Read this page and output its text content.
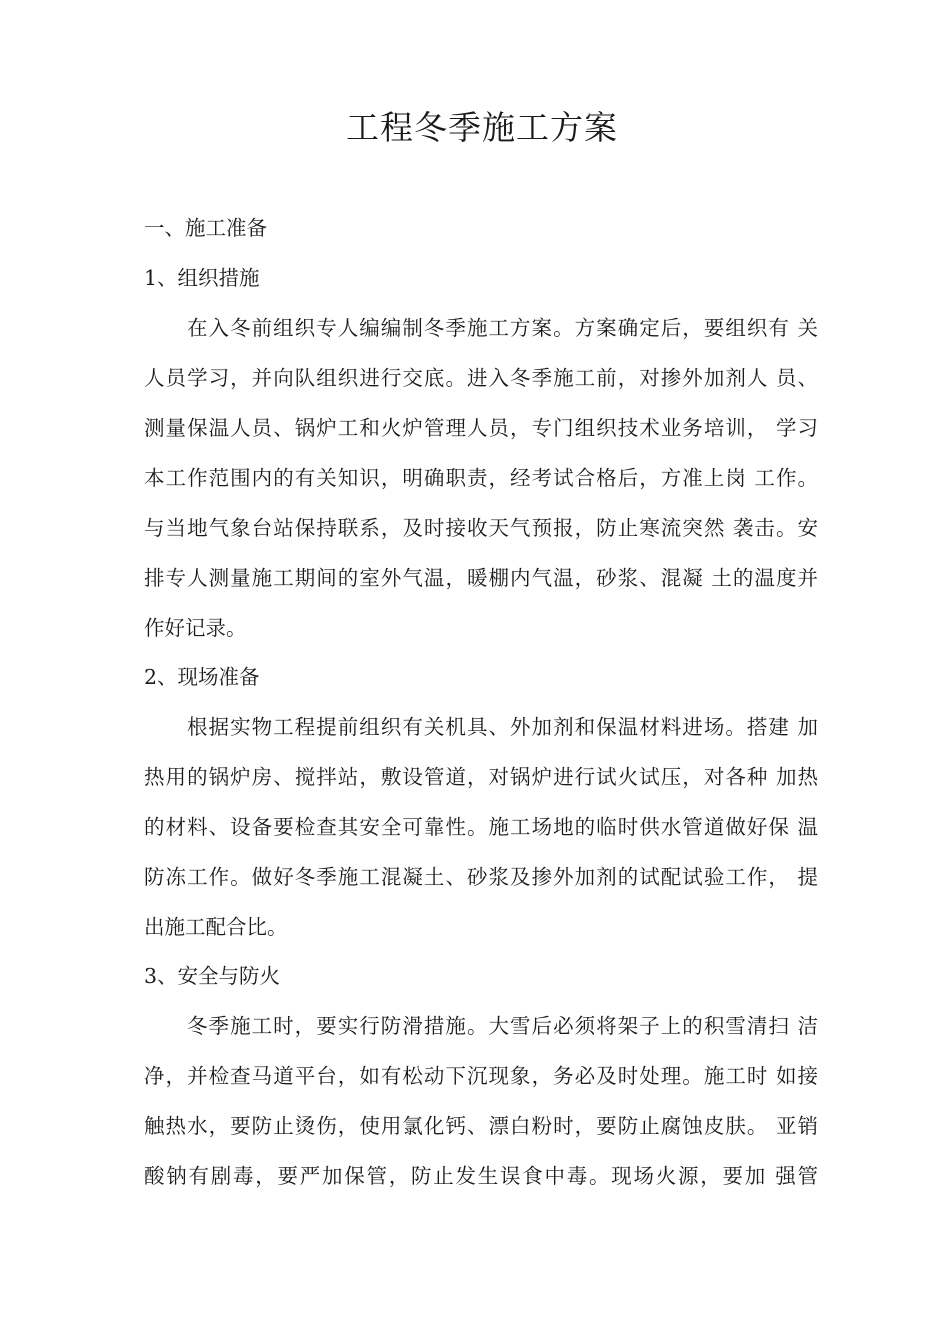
工程冬季施工方案

一、施工准备

1、组织措施

在入冬前组织专人编编制冬季施工方案。方案确定后，要组织有 关

人员学习，并向队组织进行交底。进入冬季施工前，对掺外加剂人 员、

测量保温人员、锅炉工和火炉管理人员，专门组织技术业务培训， 学习

本工作范围内的有关知识，明确职责，经考试合格后，方准上岗 工作。

与当地气象台站保持联系，及时接收天气预报，防止寒流突然 袭击。安

排专人测量施工期间的室外气温，暖棚内气温，砂浆、混凝 土的温度并

作好记录。

2、现场准备

根据实物工程提前组织有关机具、外加剂和保温材料进场。搭建 加

热用的锅炉房、搅拌站，敷设管道，对锅炉进行试火试压，对各种 加热

的材料、设备要检查其安全可靠性。施工场地的临时供水管道做好保 温

防冻工作。做好冬季施工混凝土、砂浆及掺外加剂的试配试验工作， 提

出施工配合比。

3、安全与防火

冬季施工时，要实行防滑措施。大雪后必须将架子上的积雪清扫 洁

净，并检查马道平台，如有松动下沉现象，务必及时处理。施工时 如接

触热水，要防止烫伤，使用氯化钙、漂白粉时，要防止腐蚀皮肤。 亚销

酸钠有剧毒，要严加保管，防止发生误食中毒。现场火源，要加 强管
